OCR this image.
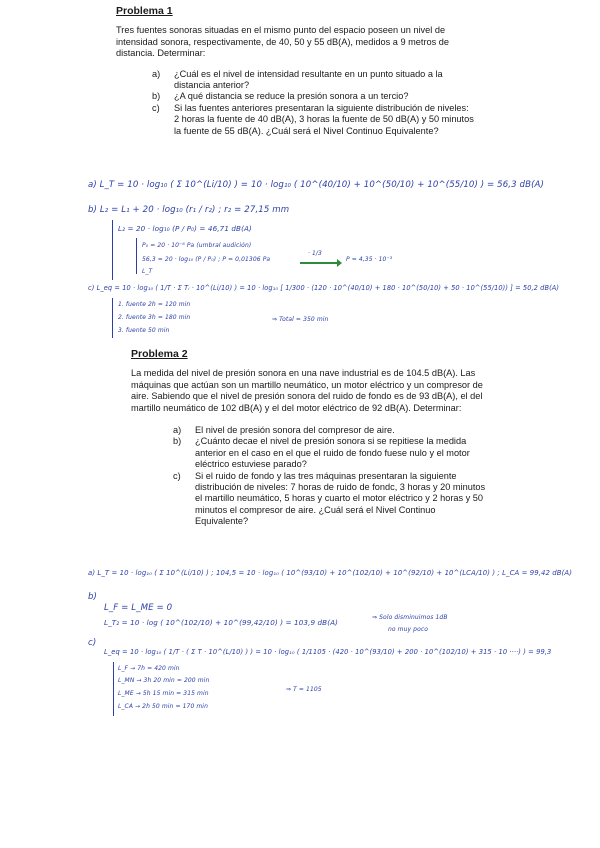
Problema 1

Tres fuentes sonoras situadas en el mismo punto del espacio poseen un nivel de intensidad sonora, respectivamente, de 40, 50 y 55 dB(A), medidos a 9 metros de distancia. Determinar:

a)	¿Cuál es el nivel de intensidad resultante en un punto situado a la distancia anterior?
b)	¿A qué distancia se reduce la presión sonora a un tercio?
c)	Si las fuentes anteriores presentaran la siguiente distribución de niveles: 2 horas la fuente de 40 dB(A), 3 horas la fuente de 50 dB(A) y 50 minutos la fuente de 55 dB(A). ¿Cuál será el Nivel Continuo Equivalente?
a) L_T = 10 · log₁₀ ( Σ 10^(Li/10) ) = 10 · log₁₀ ( 10^(40/10) + 10^(50/10) + 10^(55/10) ) = 56,3 dB(A)
b) L₂ = L₁ + 20 · log₁₀ (r₁ / r₂) ; r₂ = 27,15 mm
L₂ = 20 · log₁₀ (P / P₀) = 46,71 dB(A)
P₀ = 20 · 10⁻⁶ Pa (umbral audición)
56,3 = 20 · log₁₀ (P / P₀) ; P = 0,01306 Pa
· 1/3
P = 4,35 · 10⁻³
L_T
c) L_eq = 10 · log₁₀ ( 1/T · Σ Tᵢ · 10^(Li/10) ) = 10 · log₁₀ [ 1/300 · (120 · 10^(40/10) + 180 · 10^(50/10) + 50 · 10^(55/10)) ] = 50,2 dB(A)
1. fuente 2h = 120 min
2. fuente 3h = 180 min
3. fuente 50 min
⇒ Total = 350 min

Problema 2

La medida del nivel de presión sonora en una nave industrial es de 104.5 dB(A). Las máquinas que actúan son un martillo neumático, un motor eléctrico y un compresor de aire. Sabiendo que el nivel de presión sonora del ruido de fondo es de 93 dB(A), el del martillo neumático de 102 dB(A) y el del motor eléctrico de 92 dB(A). Determinar:

a)	El nivel de presión sonora del compresor de aire.
b)	¿Cuánto decae el nivel de presión sonora si se repitiese la medida anterior en el caso en el que el ruido de fondo fuese nulo y el motor eléctrico estuviese parado?
c)	Si el ruido de fondo y las tres máquinas presentaran la siguiente distribución de niveles: 7 horas de ruido de fondc, 3 horas y 20 minutos el martillo neumático, 5 horas y cuarto el motor eléctrico y 2 horas y 50 minutos el compresor de aire. ¿Cuál será el Nivel Continuo Equivalente?
a) L_T = 10 · log₁₀ ( Σ 10^(Li/10) ) ; 104,5 = 10 · log₁₀ ( 10^(93/10) + 10^(102/10) + 10^(92/10) + 10^(LCA/10) ) ; L_CA = 99,42 dB(A)
b)
L_F = L_ME = 0
L_T₂ = 10 · log ( 10^(102/10) + 10^(99,42/10) ) = 103,9 dB(A)
⇒ Solo disminuimos 1dB
no muy poco
c)
L_eq = 10 · log₁₀ ( 1/T · ( Σ T · 10^(L/10) ) ) = 10 · log₁₀ ( 1/1105 · (420 · 10^(93/10) + 200 · 10^(102/10) + 315 · 10 ····) ) = 99,3
L_F → 7h = 420 min
L_MN → 3h 20 min = 200 min
L_ME → 5h 15 min = 315 min
⇒ T = 1105
L_CA → 2h 50 min = 170 min
